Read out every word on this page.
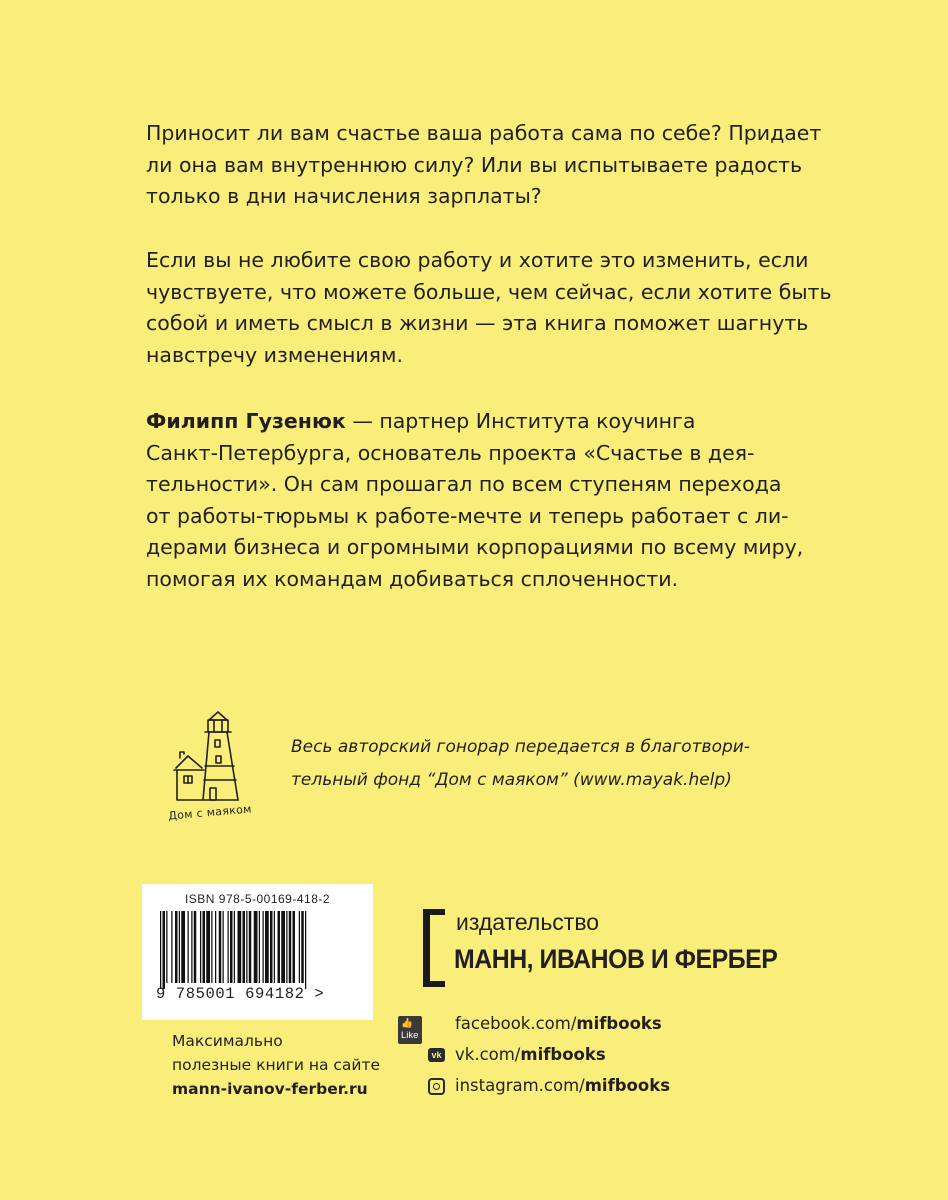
Приносит ли вам счастье ваша работа сама по себе? Придает
ли она вам внутреннюю силу? Или вы испытываете радость
только в дни начисления зарплаты?
Если вы не любите свою работу и хотите это изменить, если
чувствуете, что можете больше, чем сейчас, если хотите быть
собой и иметь смысл в жизни — эта книга поможет шагнуть
навстречу изменениям.
Филипп Гузенюк — партнер Института коучинга
Санкт-Петербурга, основатель проекта «Счастье в дея-
тельности». Он сам прошагал по всем ступеням перехода
от работы-тюрьмы к работе-мечте и теперь работает с ли-
дерами бизнеса и огромными корпорациями по всему миру,
помогая их командам добиваться сплоченности.
Дом с маяком
Весь авторский гонорар передается в благотвори-
тельный фонд “Дом с маяком” (www.mayak.help)
ISBN 978-5-00169-418-2
9 785001 694182 >
Максимально
полезные книги на сайте
mann-ivanov-ferber.ru
издательство
МАНН, ИВАНОВ И ФЕРБЕР
👍 Like
facebook.com/mifbooks
vk vk.com/mifbooks
instagram.com/mifbooks
